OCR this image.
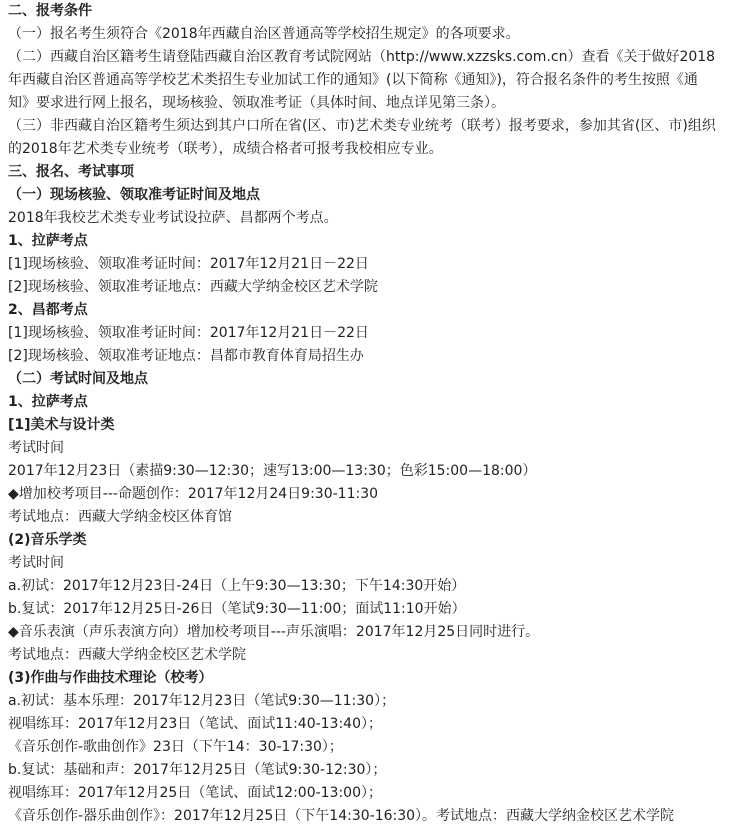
二、报考条件
（一）报名考生须符合《2018年西藏自治区普通高等学校招生规定》的各项要求。
（二）西藏自治区籍考生请登陆西藏自治区教育考试院网站（http://www.xzzsks.com.cn）查看《关于做好2018
年西藏自治区普通高等学校艺术类招生专业加试工作的通知》(以下简称《通知》)，符合报名条件的考生按照《通
知》要求进行网上报名，现场核验、领取准考证（具体时间、地点详见第三条）。
（三）非西藏自治区籍考生须达到其户口所在省(区、市)艺术类专业统考（联考）报考要求，参加其省(区、市)组织
的2018年艺术类专业统考（联考），成绩合格者可报考我校相应专业。
三、报名、考试事项
（一）现场核验、领取准考证时间及地点
2018年我校艺术类专业考试设拉萨、昌都两个考点。
1、拉萨考点
[1]现场核验、领取准考证时间：2017年12月21日－22日
[2]现场核验、领取准考证地点：西藏大学纳金校区艺术学院
2、昌都考点
[1]现场核验、领取准考证时间：2017年12月21日－22日
[2]现场核验、领取准考证地点：昌都市教育体育局招生办
（二）考试时间及地点
1、拉萨考点
[1]美术与设计类
考试时间
2017年12月23日（素描9:30—12:30；速写13:00—13:30；色彩15:00—18:00）
◆增加校考项目---命题创作：2017年12月24日9:30-11:30
考试地点：西藏大学纳金校区体育馆
(2)音乐学类
考试时间
a.初试：2017年12月23日-24日（上午9:30—13:30；下午14:30开始）
b.复试：2017年12月25日-26日（笔试9:30—11:00；面试11:10开始）
◆音乐表演（声乐表演方向）增加校考项目---声乐演唱：2017年12月25日同时进行。
考试地点：西藏大学纳金校区艺术学院
(3)作曲与作曲技术理论（校考）
a.初试：基本乐理：2017年12月23日（笔试9:30—11:30）；
视唱练耳：2017年12月23日（笔试、面试11:40-13:40）；
《音乐创作-歌曲创作》23日（下午14：30-17:30）；
b.复试：基础和声：2017年12月25日（笔试9:30-12:30）；
视唱练耳：2017年12月25日（笔试、面试12:00-13:00）；
《音乐创作-器乐曲创作》：2017年12月25日（下午14:30-16:30）。考试地点：西藏大学纳金校区艺术学院
